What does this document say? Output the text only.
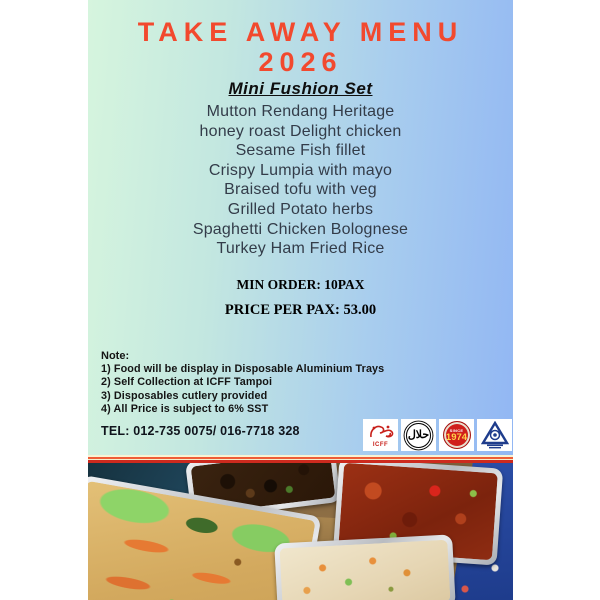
TAKE AWAY MENU
2026
Mini Fushion Set
Mutton Rendang Heritage
honey roast Delight chicken
Sesame Fish fillet
Crispy Lumpia with mayo
Braised tofu with veg
Grilled Potato herbs
Spaghetti Chicken Bolognese
Turkey Ham Fried Rice
MIN ORDER: 10PAX
PRICE PER PAX: 53.00
Note:
1) Food will be display in Disposable Aluminium Trays
2) Self Collection at ICFF Tampoi
3) Disposables cutlery provided
4) All Price is subject to 6% SST
TEL: 012-735 0075/ 016-7718 328
ICFF
حلال	SINCE
1974
